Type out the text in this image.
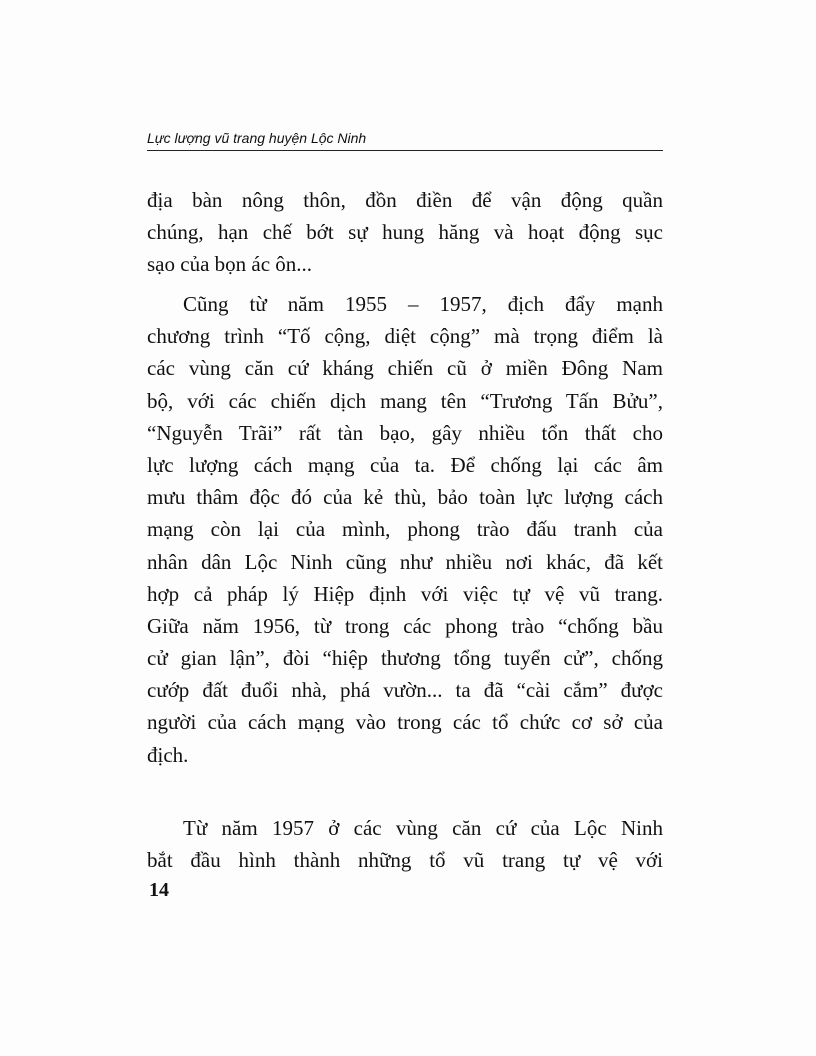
Lực lượng vũ trang huyện Lộc Ninh
địa bàn nông thôn, đồn điền để vận động quần
chúng, hạn chế bớt sự hung hăng và hoạt động sục
sạo của bọn ác ôn...
Cũng từ năm 1955 – 1957, địch đẩy mạnh
chương trình “Tố cộng, diệt cộng” mà trọng điểm là
các vùng căn cứ kháng chiến cũ ở miền Đông Nam
bộ, với các chiến dịch mang tên “Trương Tấn Bửu”,
“Nguyễn Trãi” rất tàn bạo, gây nhiều tổn thất cho
lực lượng cách mạng của ta. Để chống lại các âm
mưu thâm độc đó của kẻ thù, bảo toàn lực lượng cách
mạng còn lại của mình, phong trào đấu tranh của
nhân dân Lộc Ninh cũng như nhiều nơi khác, đã kết
hợp cả pháp lý Hiệp định với việc tự vệ vũ trang.
Giữa năm 1956, từ trong các phong trào “chống bầu
cử gian lận”, đòi “hiệp thương tổng tuyển cử”, chống
cướp đất đuổi nhà, phá vườn... ta đã “cài cắm” được
người của cách mạng vào trong các tổ chức cơ sở của
địch.
Từ năm 1957 ở các vùng căn cứ của Lộc Ninh
bắt đầu hình thành những tổ vũ trang tự vệ với
14
